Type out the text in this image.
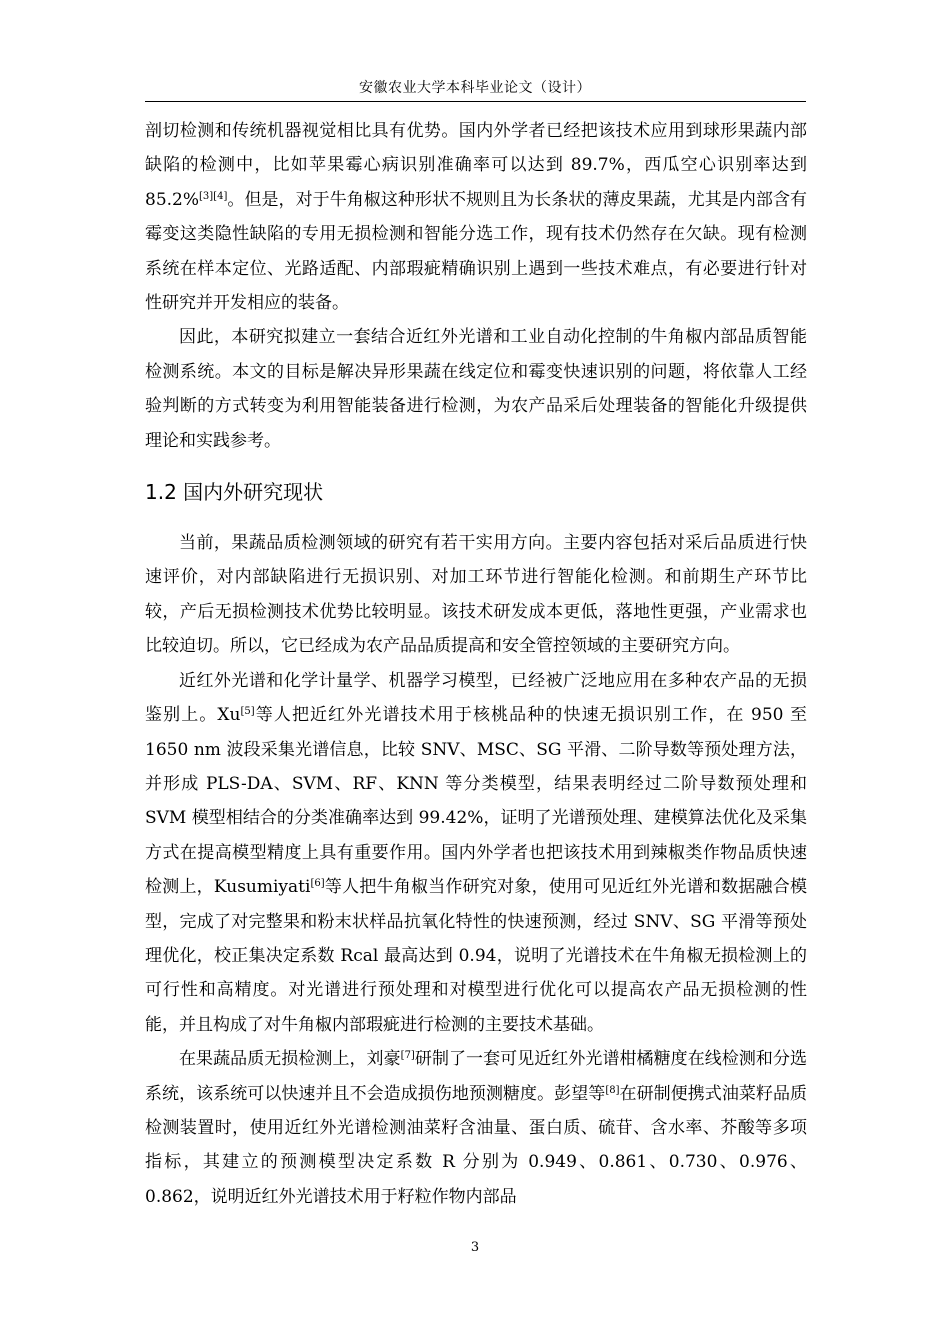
安徽农业大学本科毕业论文（设计）

剖切检测和传统机器视觉相比具有优势。国内外学者已经把该技术应用到球形果蔬内部缺陷的检测中，比如苹果霉心病识别准确率可以达到 89.7%，西瓜空心识别率达到 85.2%[3][4]。但是，对于牛角椒这种形状不规则且为长条状的薄皮果蔬，尤其是内部含有霉变这类隐性缺陷的专用无损检测和智能分选工作，现有技术仍然存在欠缺。现有检测系统在样本定位、光路适配、内部瑕疵精确识别上遇到一些技术难点，有必要进行针对性研究并开发相应的装备。

因此，本研究拟建立一套结合近红外光谱和工业自动化控制的牛角椒内部品质智能检测系统。本文的目标是解决异形果蔬在线定位和霉变快速识别的问题，将依靠人工经验判断的方式转变为利用智能装备进行检测，为农产品采后处理装备的智能化升级提供理论和实践参考。

1.2 国内外研究现状

当前，果蔬品质检测领域的研究有若干实用方向。主要内容包括对采后品质进行快速评价，对内部缺陷进行无损识别、对加工环节进行智能化检测。和前期生产环节比较，产后无损检测技术优势比较明显。该技术研发成本更低，落地性更强，产业需求也比较迫切。所以，它已经成为农产品品质提高和安全管控领域的主要研究方向。

近红外光谱和化学计量学、机器学习模型，已经被广泛地应用在多种农产品的无损鉴别上。Xu[5]等人把近红外光谱技术用于核桃品种的快速无损识别工作，在 950 至 1650 nm 波段采集光谱信息，比较 SNV、MSC、SG 平滑、二阶导数等预处理方法，并形成 PLS-DA、SVM、RF、KNN 等分类模型，结果表明经过二阶导数预处理和 SVM 模型相结合的分类准确率达到 99.42%，证明了光谱预处理、建模算法优化及采集方式在提高模型精度上具有重要作用。国内外学者也把该技术用到辣椒类作物品质快速检测上，Kusumiyati[6]等人把牛角椒当作研究对象，使用可见近红外光谱和数据融合模型，完成了对完整果和粉末状样品抗氧化特性的快速预测，经过 SNV、SG 平滑等预处理优化，校正集决定系数 Rcal 最高达到 0.94，说明了光谱技术在牛角椒无损检测上的可行性和高精度。对光谱进行预处理和对模型进行优化可以提高农产品无损检测的性能，并且构成了对牛角椒内部瑕疵进行检测的主要技术基础。

在果蔬品质无损检测上，刘豪[7]研制了一套可见近红外光谱柑橘糖度在线检测和分选系统，该系统可以快速并且不会造成损伤地预测糖度。彭望等[8]在研制便携式油菜籽品质检测装置时，使用近红外光谱检测油菜籽含油量、蛋白质、硫苷、含水率、芥酸等多项指标，其建立的预测模型决定系数 R 分别为 0.949、0.861、0.730、0.976、0.862，说明近红外光谱技术用于籽粒作物内部品

3
